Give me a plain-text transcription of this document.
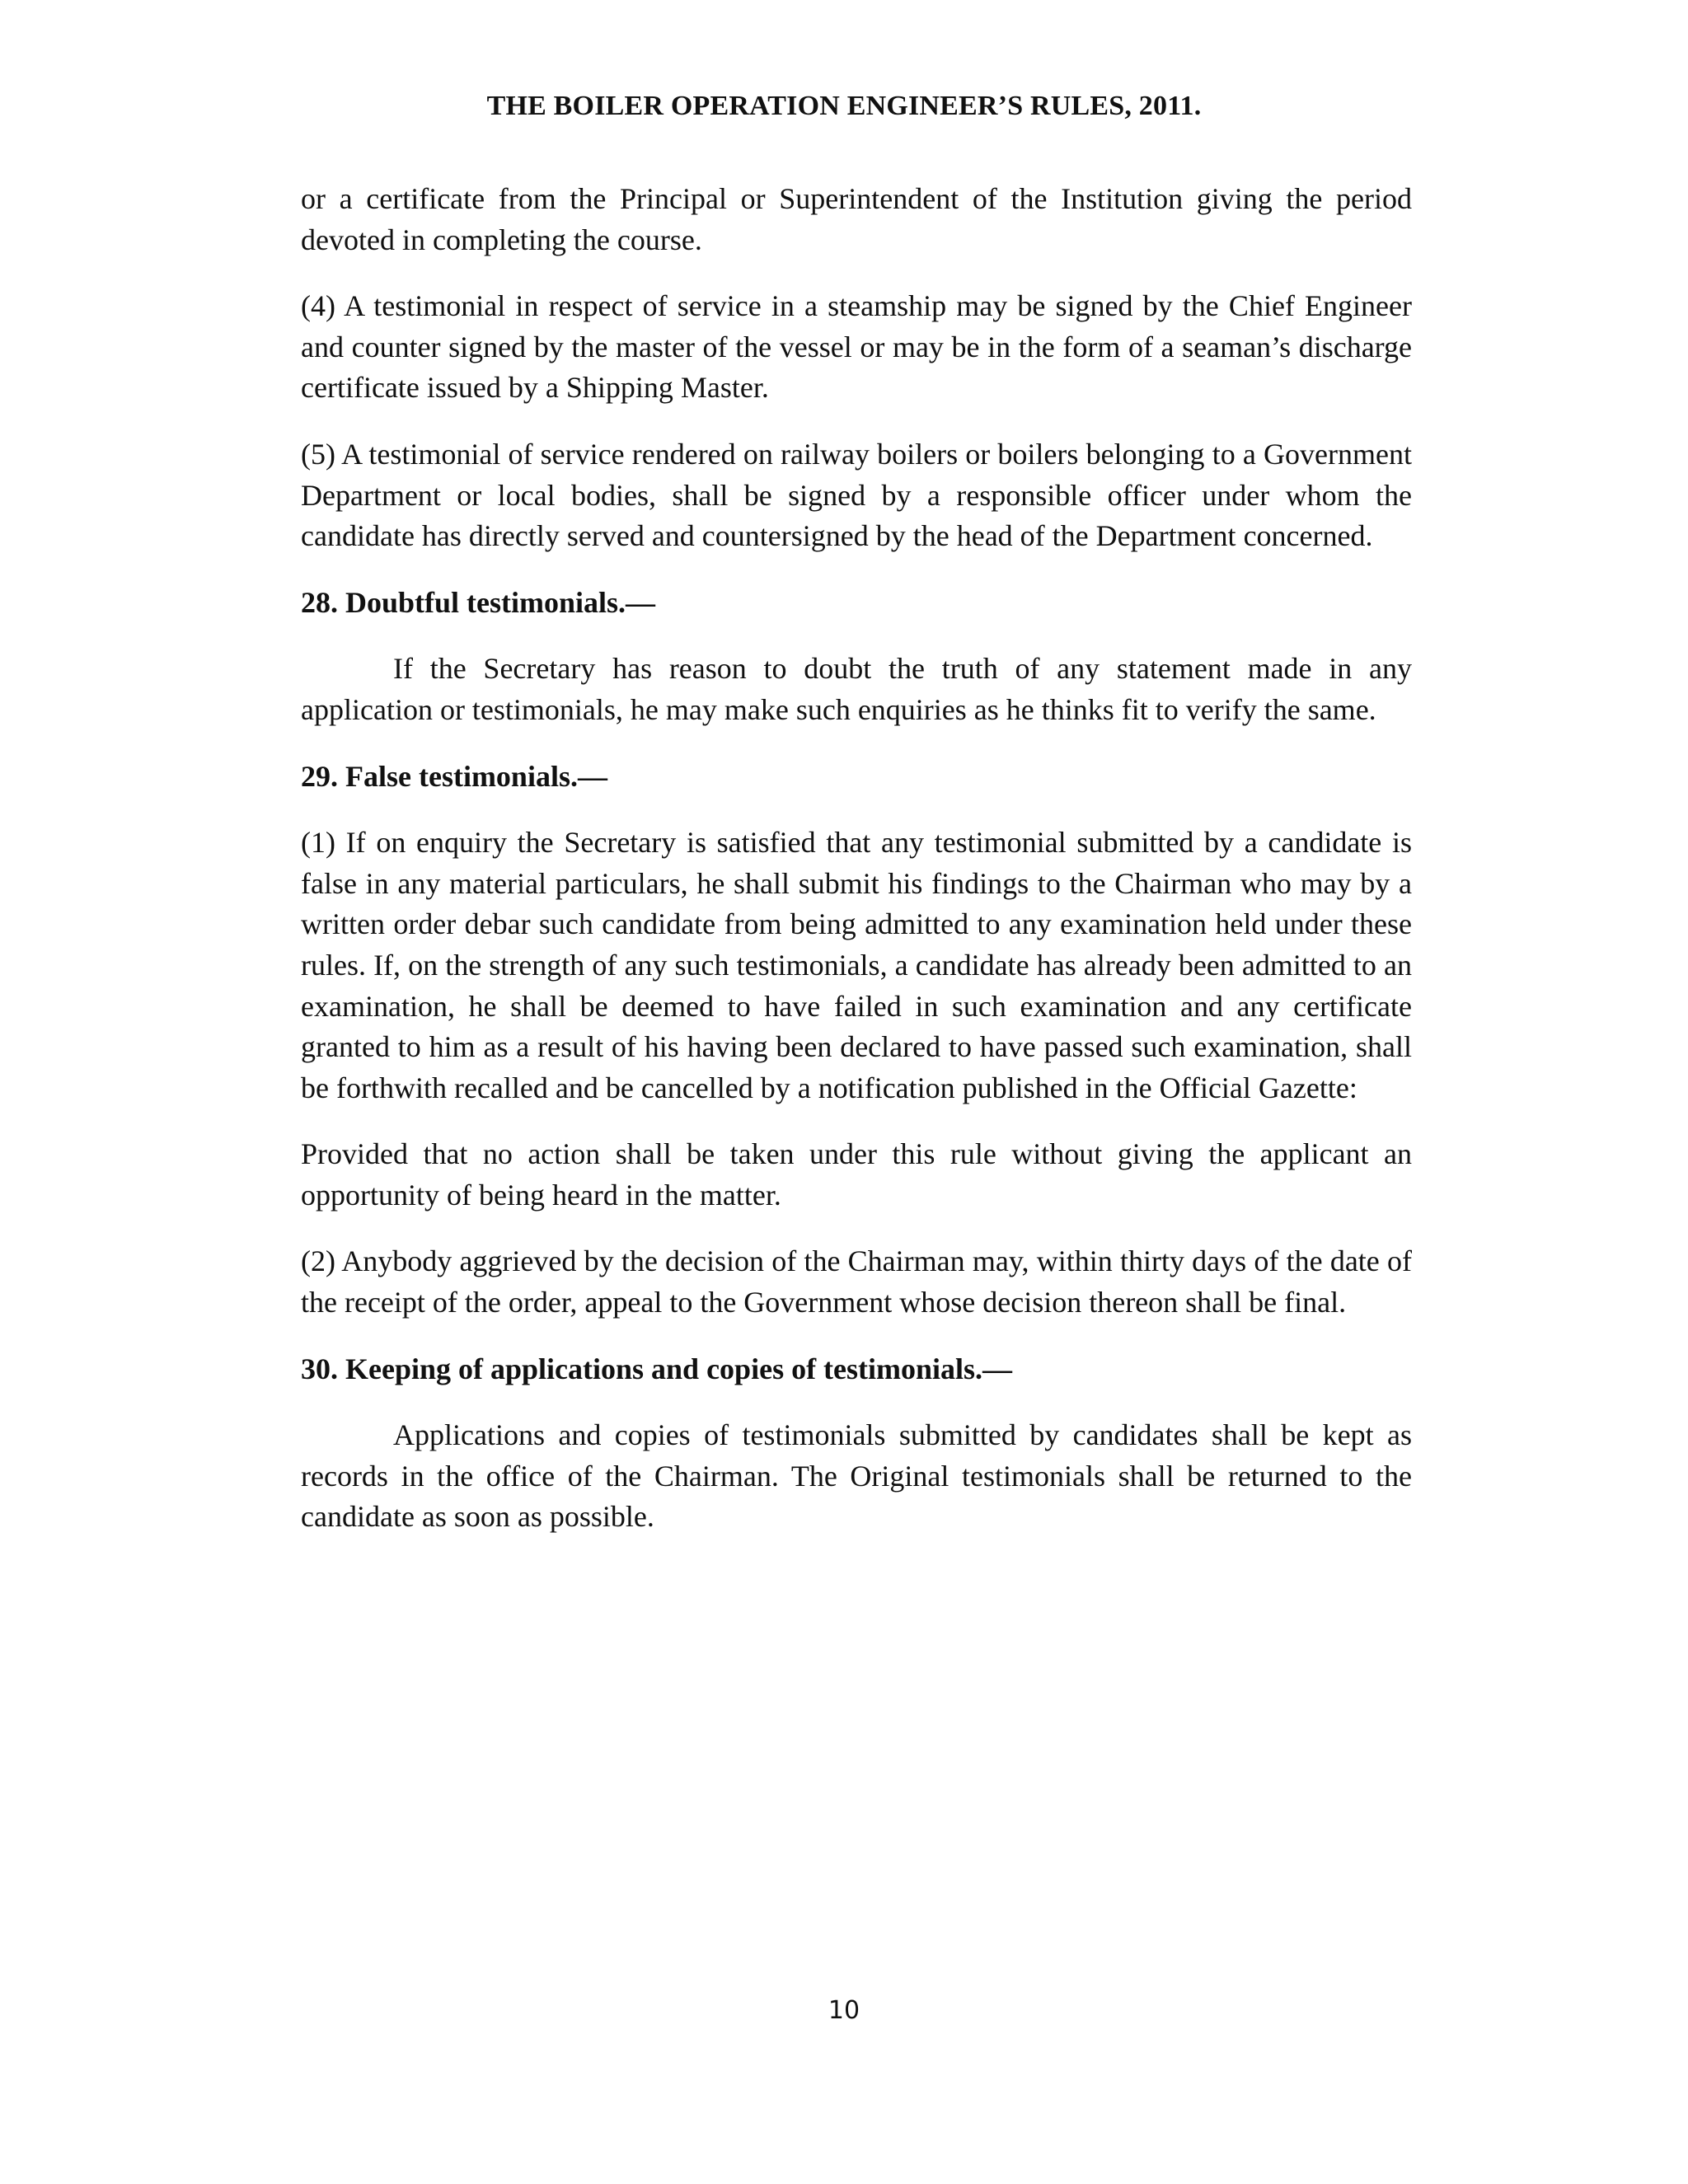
THE BOILER OPERATION ENGINEER’S RULES, 2011.

or a certificate from the Principal or Superintendent of the Institution giving the period devoted in completing the course.

(4) A testimonial in respect of service in a steamship may be signed by the Chief Engineer and counter signed by the master of the vessel or may be in the form of a seaman’s discharge certificate issued by a Shipping Master.

(5) A testimonial of service rendered on railway boilers or boilers belonging to a Government Department or local bodies, shall be signed by a responsible officer under whom the candidate has directly served and countersigned by the head of the Department concerned.

28. Doubtful testimonials.—

If the Secretary has reason to doubt the truth of any statement made in any application or testimonials, he may make such enquiries as he thinks fit to verify the same.

29. False testimonials.—

(1) If on enquiry the Secretary is satisfied that any testimonial submitted by a candidate is false in any material particulars, he shall submit his findings to the Chairman who may by a written order debar such candidate from being admitted to any examination held under these rules. If, on the strength of any such testimonials, a candidate has already been admitted to an examination, he shall be deemed to have failed in such examination and any certificate granted to him as a result of his having been declared to have passed such examination, shall be forthwith recalled and be cancelled by a notification published in the Official Gazette:

Provided that no action shall be taken under this rule without giving the applicant an opportunity of being heard in the matter.

(2) Anybody aggrieved by the decision of the Chairman may, within thirty days of the date of the receipt of the order, appeal to the Government whose decision thereon shall be final.

30. Keeping of applications and copies of testimonials.—

Applications and copies of testimonials submitted by candidates shall be kept as records in the office of the Chairman. The Original testimonials shall be returned to the candidate as soon as possible.

10
